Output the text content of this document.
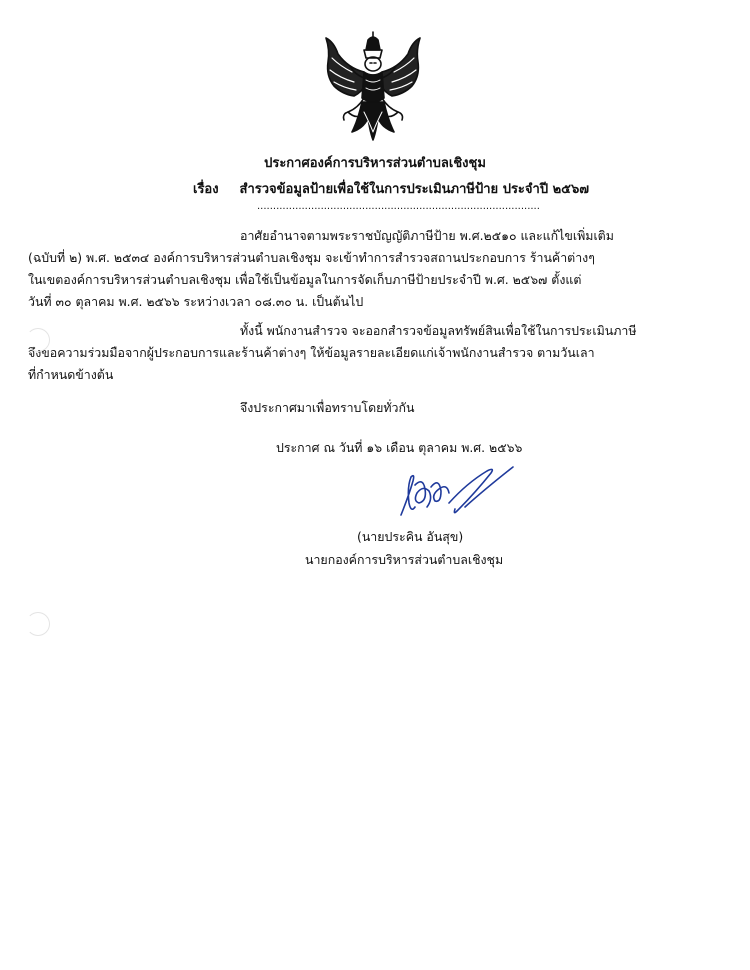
ประกาศองค์การบริหารส่วนตำบลเชิงชุม
เรื่อง สำรวจข้อมูลป้ายเพื่อใช้ในการประเมินภาษีป้าย ประจำปี ๒๕๖๗
.........................................................................................
อาศัยอำนาจตามพระราชบัญญัติภาษีป้าย พ.ศ.๒๕๑๐ และแก้ไขเพิ่มเติม
(ฉบับที่ ๒) พ.ศ. ๒๕๓๔ องค์การบริหารส่วนตำบลเชิงชุม จะเข้าทำการสำรวจสถานประกอบการ ร้านค้าต่างๆ
ในเขตองค์การบริหารส่วนตำบลเชิงชุม เพื่อใช้เป็นข้อมูลในการจัดเก็บภาษีป้ายประจำปี พ.ศ. ๒๕๖๗ ตั้งแต่
วันที่ ๓๐ ตุลาคม พ.ศ. ๒๕๖๖ ระหว่างเวลา ๐๘.๓๐ น. เป็นต้นไป
ทั้งนี้ พนักงานสำรวจ จะออกสำรวจข้อมูลทรัพย์สินเพื่อใช้ในการประเมินภาษี
จึงขอความร่วมมือจากผู้ประกอบการและร้านค้าต่างๆ ให้ข้อมูลรายละเอียดแก่เจ้าพนักงานสำรวจ ตามวันเลา
ที่กำหนดข้างต้น
จึงประกาศมาเพื่อทราบโดยทั่วกัน
ประกาศ ณ วันที่ ๑๖ เดือน ตุลาคม พ.ศ. ๒๕๖๖
(นายประคิน อันสุข)
นายกองค์การบริหารส่วนตำบลเชิงชุม
